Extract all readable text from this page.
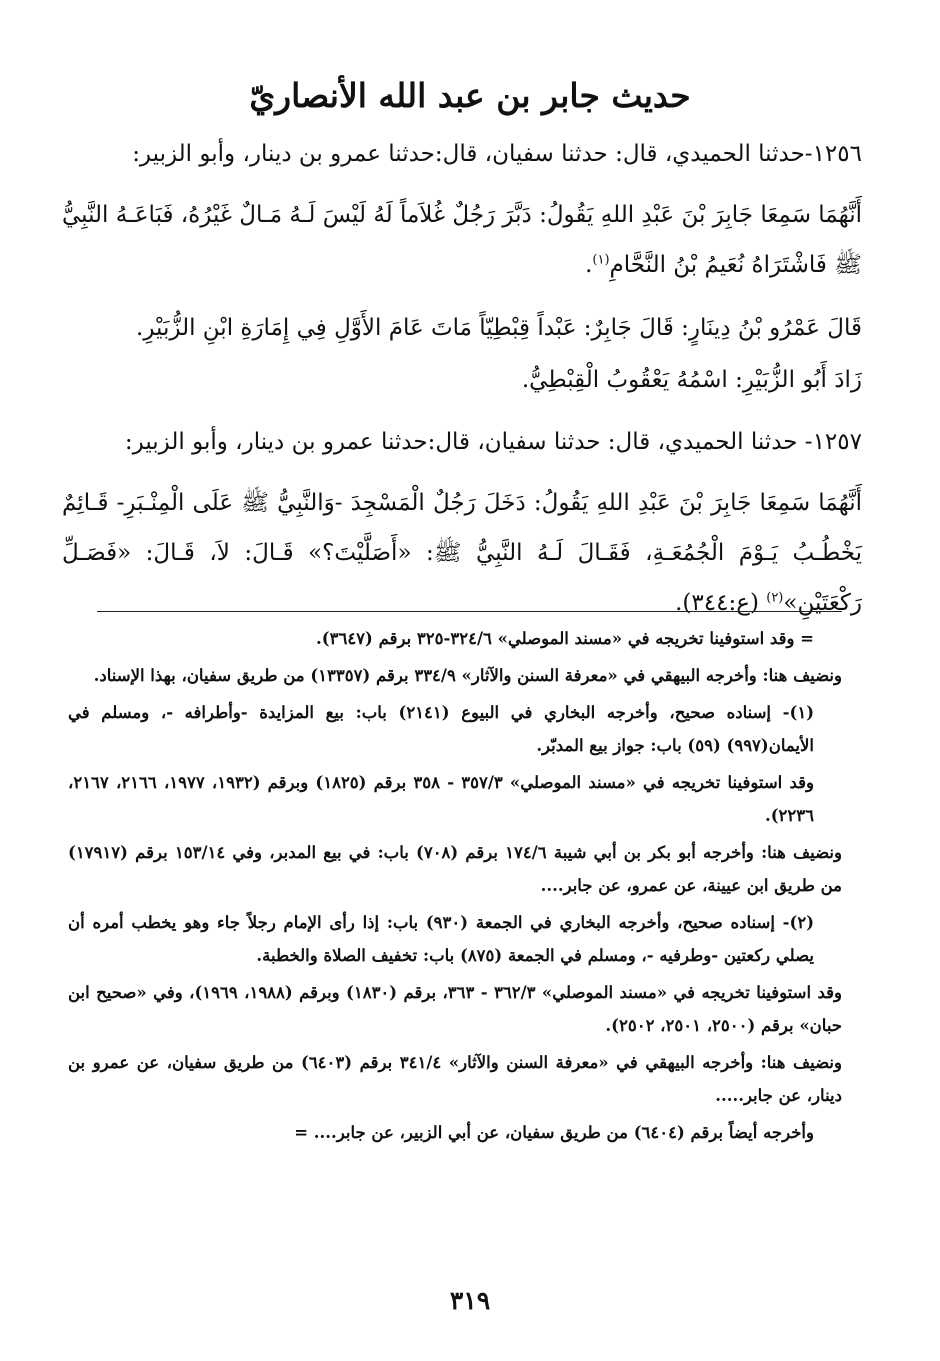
حديث جابر بن عبد الله الأنصاريّ

١٢٥٦-حدثنا الحميدي، قال: حدثنا سفيان، قال:حدثنا عمرو بن دينار، وأبو الزبير:

أَنَّهُمَا سَمِعَا جَابِرَ بْنَ عَبْدِ اللهِ يَقُولُ: دَبَّرَ رَجُلٌ غُلاَماً لَهُ لَيْسَ لَـهُ مَـالٌ غَيْرُهُ، فَبَاعَـهُ النَّبِيُّ ﷺ فَاشْتَرَاهُ نُعَيمُ بْنُ النَّحَّامِ$^{(١)}$.

قَالَ عَمْرُو بْنُ دِينَارٍ: قَالَ جَابِرٌ: عَبْداً قِبْطِيّاً مَاتَ عَامَ الأَوَّلِ فِي إِمَارَةِ ابْنِ الزُّبَيْرِ.

زَادَ أَبُو الزُّبَيْرِ: اسْمُهُ يَعْقُوبُ الْقِبْطِيُّ.

١٢٥٧- حدثنا الحميدي، قال: حدثنا سفيان، قال:حدثنا عمرو بن دينار، وأبو الزبير:

أَنَّهُمَا سَمِعَا جَابِرَ بْنَ عَبْدِ اللهِ يَقُولُ: دَخَلَ رَجُلٌ الْمَسْجِدَ -وَالنَّبِيُّ ﷺ عَلَى الْمِنْـبَرِ- قَـائِمٌ يَخْطُـبُ يَـوْمَ الْجُمُعَـةِ، فَقَـالَ لَـهُ النَّبِيُّ ﷺ: «أَصَلَّيْتَ؟» قَـالَ: لاَ، قَـالَ: «فَصَـلِّ رَكْعَتَيْنِ»$^{(٢)}$ (ع:٣٤٤).

= وقد استوفينا تخريجه في «مسند الموصلي» ٣٢٤/٦-٣٢٥ برقم (٣٦٤٧).

ونضيف هنا: وأخرجه البيهقي في «معرفة السنن والآثار» ٣٣٤/٩ برقم (١٣٣٥٧) من طريق سفيان، بهذا الإسناد.

(١)- إسناده صحيح، وأخرجه البخاري في البيوع (٢١٤١) باب: بيع المزايدة -وأطرافه -، ومسلم في الأيمان(٩٩٧) (٥٩) باب: جواز بيع المدبّر.

وقد استوفينا تخريجه في «مسند الموصلي» ٣٥٧/٣ - ٣٥٨ برقم (١٨٢٥) وبرقم (١٩٣٢، ١٩٧٧، ٢١٦٦، ٢١٦٧، ٢٢٣٦).

ونضيف هنا: وأخرجه أبو بكر بن أبي شيبة ١٧٤/٦ برقم (٧٠٨) باب: في بيع المدبر، وفي ١٥٣/١٤ برقم (١٧٩١٧) من طريق ابن عيينة، عن عمرو، عن جابر....

(٢)- إسناده صحيح، وأخرجه البخاري في الجمعة (٩٣٠) باب: إذا رأى الإمام رجلاً جاء وهو يخطب أمره أن يصلي ركعتين -وطرفيه -، ومسلم في الجمعة (٨٧٥) باب: تخفيف الصلاة والخطبة.

وقد استوفينا تخريجه في «مسند الموصلي» ٣٦٢/٣ - ٣٦٣، برقم (١٨٣٠) وبرقم (١٩٨٨، ١٩٦٩)، وفي «صحيح ابن حبان» برقم (٢٥٠٠، ٢٥٠١، ٢٥٠٢).

ونضيف هنا: وأخرجه البيهقي في «معرفة السنن والآثار» ٣٤١/٤ برقم (٦٤٠٣) من طريق سفيان، عن عمرو بن دينار، عن جابر.....

وأخرجه أيضاً برقم (٦٤٠٤) من طريق سفيان، عن أبي الزبير، عن جابر.... =

٣١٩
